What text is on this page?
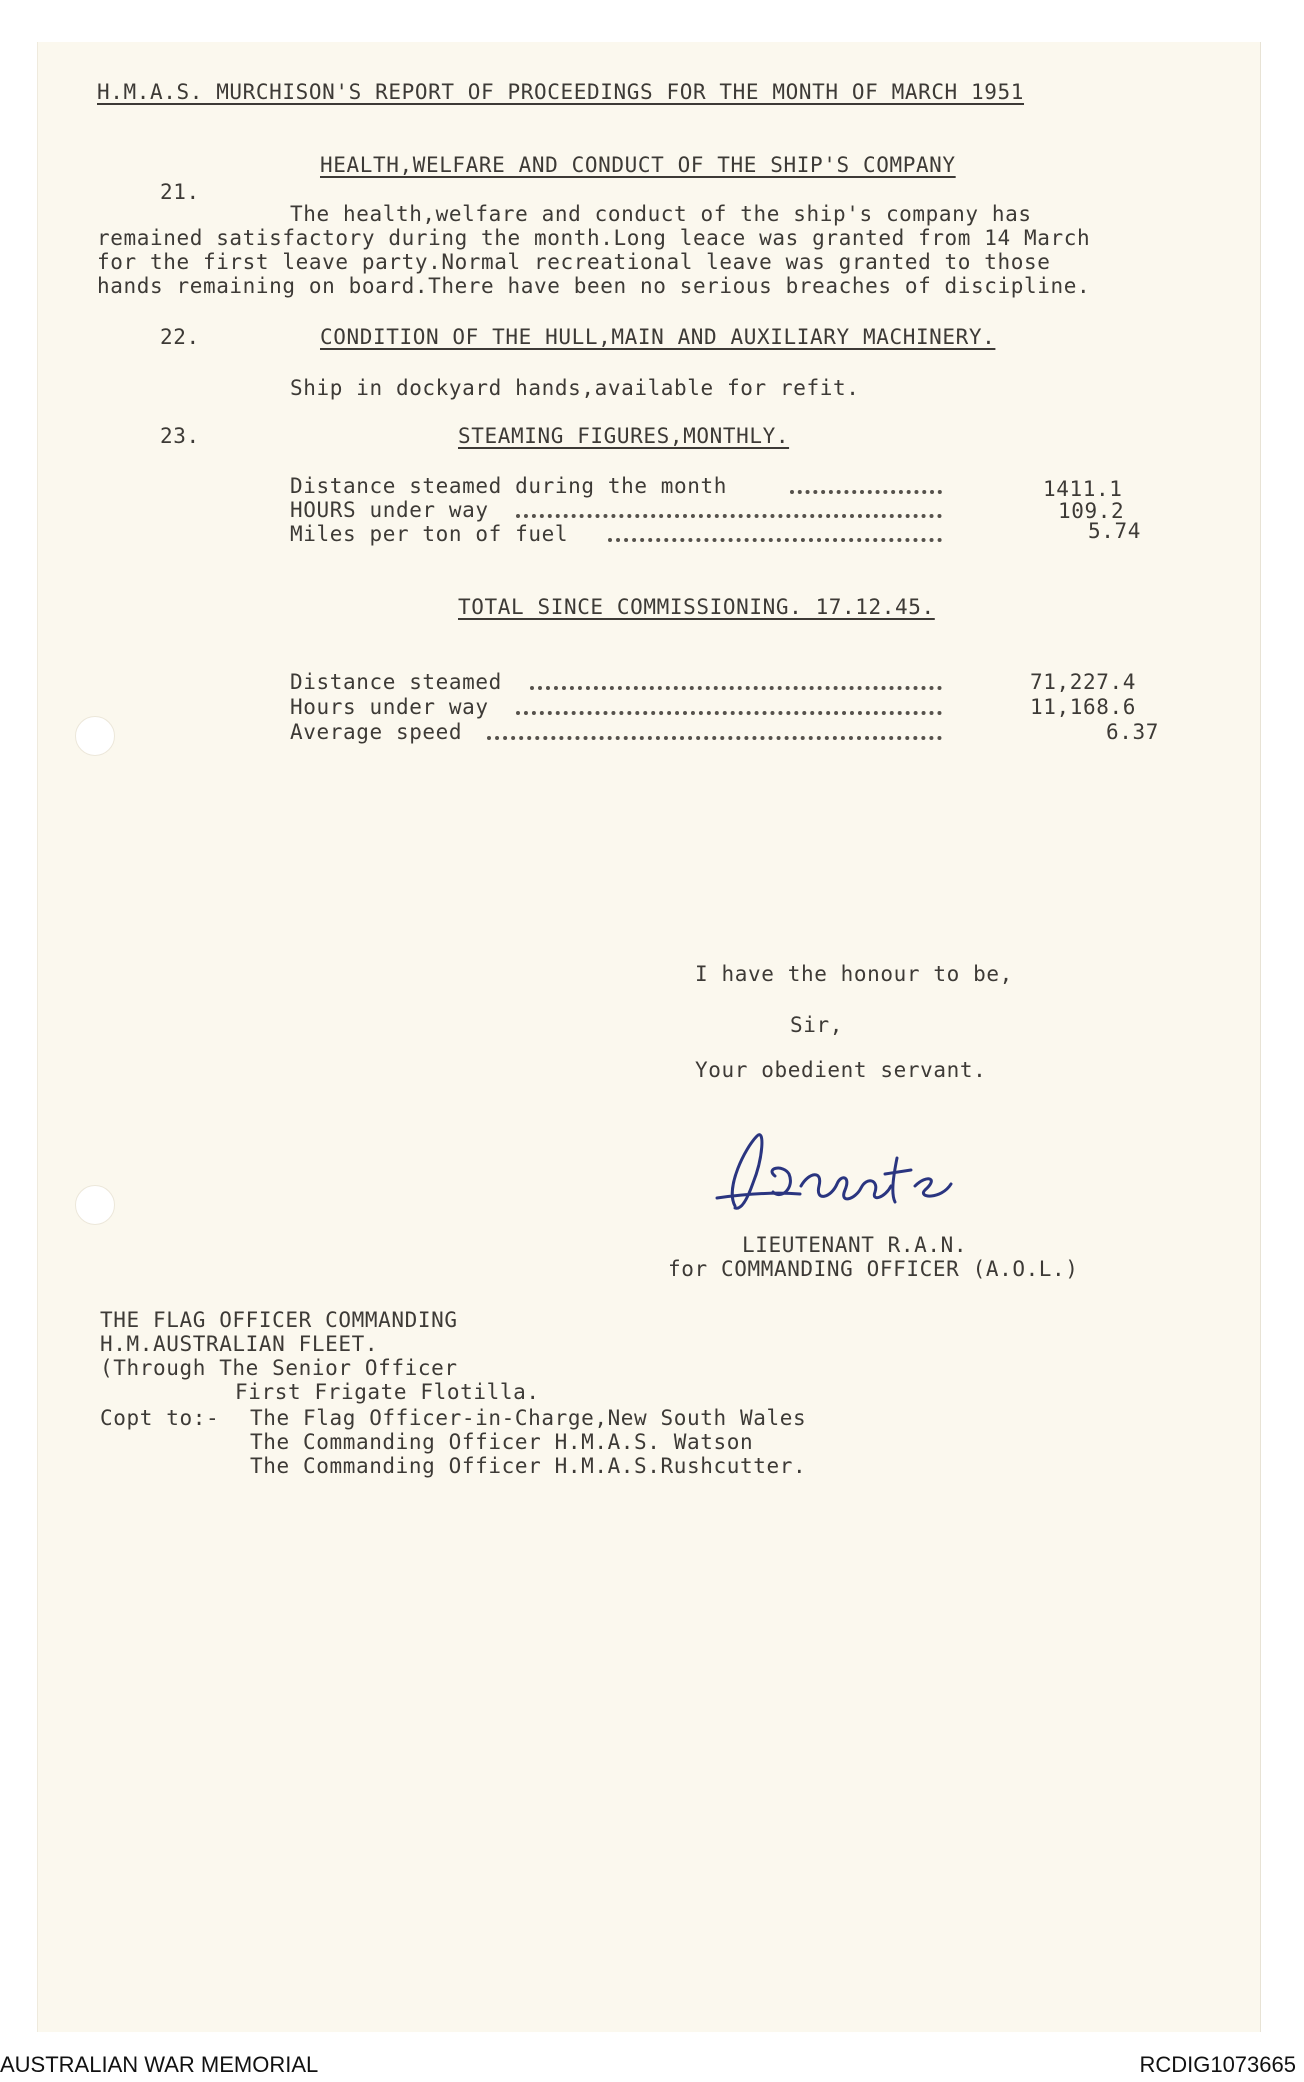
H.M.A.S. MURCHISON'S REPORT OF PROCEEDINGS FOR THE MONTH OF MARCH 1951
HEALTH,WELFARE AND CONDUCT OF THE SHIP'S COMPANY
21.
The health,welfare and conduct of the ship's company has
remained satisfactory during the month.Long leace was granted from 14 March
for the first leave party.Normal recreational leave was granted to those
hands remaining on board.There have been no serious breaches of discipline.
22.	CONDITION OF THE HULL,MAIN AND AUXILIARY MACHINERY.
Ship in dockyard hands,available for refit.
23.	STEAMING FIGURES,MONTHLY.
Distance steamed during the month	1411.1
HOURS under way	109.2
Miles per ton of fuel	5.74
TOTAL SINCE COMMISSIONING. 17.12.45.
Distance steamed	71,227.4
Hours under way	11,168.6
Average speed	6.37
I have the honour to be,
Sir,
Your obedient servant.
LIEUTENANT R.A.N.
for COMMANDING OFFICER (A.O.L.)
THE FLAG OFFICER COMMANDING
H.M.AUSTRALIAN FLEET.
(Through The Senior Officer
First Frigate Flotilla.
Copt to:- The Flag Officer-in-Charge,New South Wales
The Commanding Officer H.M.A.S. Watson
The Commanding Officer H.M.A.S.Rushcutter.
AUSTRALIAN WAR MEMORIAL	RCDIG1073665
